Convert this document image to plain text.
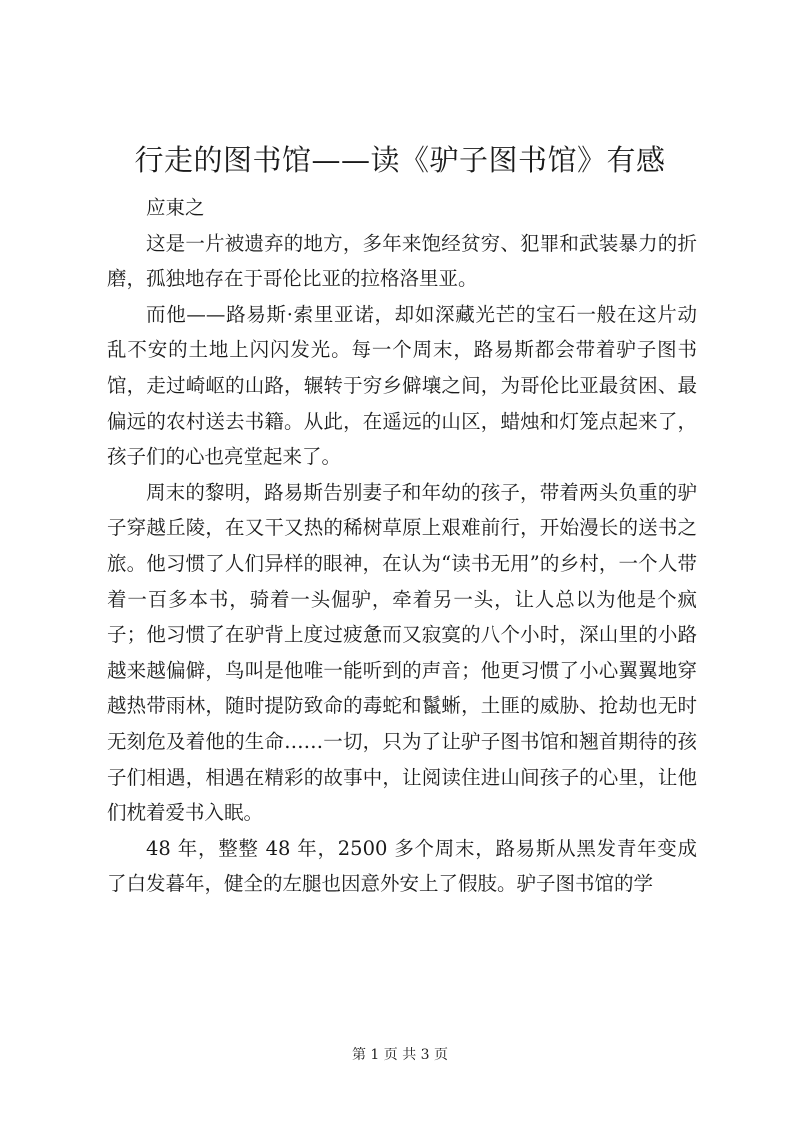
行走的图书馆——读《驴子图书馆》有感

应東之

这是一片被遗弃的地方，多年来饱经贫穷、犯罪和武装暴力的折磨，孤独地存在于哥伦比亚的拉格洛里亚。

而他——路易斯·索里亚诺，却如深藏光芒的宝石一般在这片动乱不安的土地上闪闪发光。每一个周末，路易斯都会带着驴子图书馆，走过崎岖的山路，辗转于穷乡僻壤之间，为哥伦比亚最贫困、最偏远的农村送去书籍。从此，在遥远的山区，蜡烛和灯笼点起来了，孩子们的心也亮堂起来了。

周末的黎明，路易斯告别妻子和年幼的孩子，带着两头负重的驴子穿越丘陵，在又干又热的稀树草原上艰难前行，开始漫长的送书之旅。他习惯了人们异样的眼神，在认为“读书无用”的乡村，一个人带着一百多本书，骑着一头倔驴，牵着另一头，让人总以为他是个疯子；他习惯了在驴背上度过疲惫而又寂寞的八个小时，深山里的小路越来越偏僻，鸟叫是他唯一能听到的声音；他更习惯了小心翼翼地穿越热带雨林，随时提防致命的毒蛇和鬣蜥，土匪的威胁、抢劫也无时无刻危及着他的生命……一切，只为了让驴子图书馆和翘首期待的孩子们相遇，相遇在精彩的故事中，让阅读住进山间孩子的心里，让他们枕着爱书入眠。

48 年，整整 48 年，2500 多个周末，路易斯从黑发青年变成了白发暮年，健全的左腿也因意外安上了假肢。驴子图书馆的学

第 1 页 共 3 页
